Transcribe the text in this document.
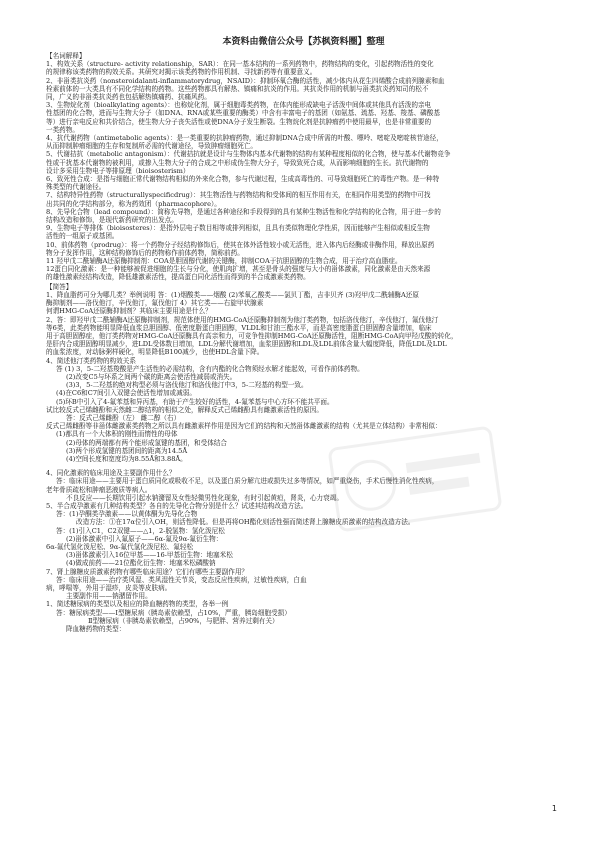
本资料由微信公众号【苏枫资料圈】整理
【名词解释】
1、构效关系（structure- activity relationship，SAR）：在同一基本结构的一系列药物中，药物结构的变化，引起药物活性的变化
的规律称该类药物的构效关系。其研究对揭示该类药物的作用机制、寻找新药等有重要意义。
2、非甾类抗炎药（nonsteroidalanti-inflammatorydrug，NSAID）：抑制环氧合酶的活性，减少体内从花生四烯酸合成前列腺素和血
栓素前体的一大类具有不同化学结构的药物。这些药物都具有解热、镇痛和抗炎的作用。其抗炎作用的机制与甾类抗炎药知司的松不
同，广义的非甾类抗炎药也包括解热镇痛药、抗痛风药。
3、生物烷化剂（bioalkylating agents）：也称烷化剂，属于细胞毒类药物，在体内能形成缺电子活泼中间体或其他具有活泼的亲电
性基团的化合物，进而与生物大分子（如DNA、RNA或某些重要的酶类）中含有丰富电子的基团（如氨基、巯基、羟基、羧基、磷酸基
等）进行亲电反应和共价结合，使生物大分子丧失活性或使DNA分子发生断裂。生物烷化剂是抗肿瘤药中使用最早，也是非常重要的
一类药物。
4、抗代谢药物（antimetabolic agents）：是一类重要的抗肿瘤药物，通过抑制DNA合成中所需的叶酸、嘌呤、嘧啶及嘧啶核苷途径，
从而抑制肿瘤细胞的生存和复制所必需的代谢途径，导致肿瘤细胞死亡。
5、代谢拮抗（metabolic antagonism）：代谢拮抗就是设计与生物体内基本代谢物的结构有某种程度相似的化合物，使与基本代谢物竞争
性或干扰基本代谢物的被利用，或掺入生物大分子的合成之中形成伪生物大分子，导致致死合成，从而影响细胞的生长。抗代谢物的
设计多采用生物电子等排原理（bioisosterism）
6、致死性合成：是指与细胞正常代谢物结构相似的外来化合物，参与代谢过程，生成高毒性的、可导致细胞死亡的毒性产物。是一种特
殊类型的代谢途径。
7、结构特异性药物（structurallyspecificdrug）：其生物活性与药物结构和受体间的相互作用有关，在相同作用类型的药物中可找
出共同的化学结构部分，称为药效团（pharmacophore）。
8、先导化合物（lead compound）：简称先导物，是通过各种途径和手段得到的具有某种生物活性和化学结构的化合物，用于进一步的
结构改造和修饰，是现代新药研究的出发点。
9、生物电子等排体（bioisosteres）：是指外层电子数目相等或排列相似，且具有类似物理化学性质，因而能够产生相似或相反生物
活性的一组原子或基团。
10、前体药物（prodrug）：将一个药物分子经结构修饰后，使其在体外活性较小或无活性，进入体内后经酶或非酶作用，释放出原药
物分子发挥作用，这种结构修饰后的药物称作前体药物，简称前药。
11 羟甲戊二酰辅酶A还原酶抑制剂：COA是胆固醇代谢的关键酶，抑制COA于抗胆固醇的生物合成，用于治疗高血脂症。
12蛋白同化激素：是一种能够被促进细胞的生长与分化，使肌肉扩增，甚至是骨头的强度与大小的甾体激素，同化激素是由天然来源
的雄性激素经结构改造，降低雄激素活性，提高蛋白同化活性而得到的半合成激素类药物。
【简答】
1、降血脂药可分为哪几类？举例说明 答：(1)烟酸类——烟酸 (2)苯氧乙酸类——氯贝丁酯，吉非贝齐 (3)羟甲戊二酰辅酶A还原
酶抑制剂——洛伐他汀，辛伐他汀，氟伐他汀 4）其它类——右旋甲状腺素
何谓HMG-CoA还原酶抑制剂？其临床主要用途是什么？
2、答：即羟甲戊二酰辅酶A还原酶抑制剂，规范体使用的HMG-CoA还原酶抑制剂为他汀类药物，包括洛伐他汀，辛伐他汀，氟伐他汀
等6类，此类药物能明显降低血浆总胆固醇、低密度脂蛋白胆固醇，VLDL和甘油三酯水平，而是高密度脂蛋白胆固醇含量增加，临床
用于高胆固醇症，他汀类药物对HMG-CoA还原酶具有高亲和力，可竞争性抑制HMG-CoA还原酶活性，阻断HMG-CoA向甲羟戊酸的转化，
是肝内合成胆固醇明显减少，进LDL受体数目增加，LDL分解代谢增加，血浆胆固醇和LDL及LDL前体含量大幅度降低，降低LDL及LDL
的血浆浓度，对动脉粥样硬化，明显降低B100减少，也使HDL含量下降。
4、简述他汀类药物的构效关系
答 (1) 3，5-二羟基羧酸是产生活性的必需结构，含有内酯的化合物须经水解才能起效，可看作前体药物。
(2)改变C5与环系之间两个碳的距离会使活性减弱或消失。
(3)3，5-二羟基的绝对构型必须与洛伐他汀和洛伐他汀中3，5-二羟基的构型一致。
(4)在C6和C7间引入双键会使活性增加或减弱。
(5)环B中引入了4-氟苯基和异丙基，有助于产生较好的活性，4-氟苯基与中心方环不能共平面。
试比较反式己烯雌酚和天然雌二醇结构的相似之处，解释反式己烯雌酚具有雌激素活性的原因。
答：反式己烯雌酚（左） 雌二醇（右）
反式己烯雌酚等非甾体雌激素类药物之所以具有雌激素样作用是因为它们的结构和天然甾体雌激素的结构（尤其是立体结构）非常相似：
(1)都具有一个大体积的刚性而惰性的母体
(2)母体的两端都有两个能形成氢键的基团，和受体结合
(3)两个形成氢键的基团间的距离为14.5Å
(4)空间长度和宽度均为8.55Å和3.88Å。
4、同化激素的临床用途及主要副作用什么？
答：临床用途——主要用于蛋白质同化或吸收不足，以及蛋白质分解亢进或损失过多等情况，如严重烧伤，手术后慢性消化性疾病，
老年骨质疏松和肿瘤恶液质等病人。
不良反应——长期饮用引起水钠潴留及女性轻微男性化现象，有时引起黄疸，肾炎，心力衰竭。
5、半合成孕激素有几种结构类型？各自的先导化合物分别是什么？试述其结构改造方法。
答：(1)孕酮类孕激素——以黄体酮为先导化合物
改造方法：①在17α位引入OH，则活性降低。但是再将OH酯化则活性强而简述肾上腺糖皮质激素的结构改造方法。
答：(1)引入C1，C2双键——△1，2-脱氢物：氢化泼尼松
(2)甾体激素中引入氟原子——6α-氟及9α-氟衍生物：
6α-氟代氢化泼尼松、9α-氟代氢化泼尼松、氟轻松
(3)甾体激素引入16位甲基——16-甲基衍生物：地塞米松
(4)做成前药——21位酯化衍生物：地塞米松磷酸钠
7、肾上腺糖皮质激素药物有哪些临床用途？它们有哪些主要副作用？
答：临床用途——治疗类风湿、类风湿性关节炎，变态反应性疾病，过敏性疾病，白血
病，哮喘等，外用于湿疹，皮炎等皮肤病。
主要副作用——钠潴留作用。
1、简述糖尿病的类型以及相应的降血糖药物的类型，各举一例
答：糖尿病类型——Ⅰ型糖尿病（胰岛素依赖型，占10%，严重，胰岛细胞受损）
Ⅱ型糖尿病（非胰岛素依赖型，占90%，与肥胖、营养过剩有关）
降血糖药物的类型：
1
